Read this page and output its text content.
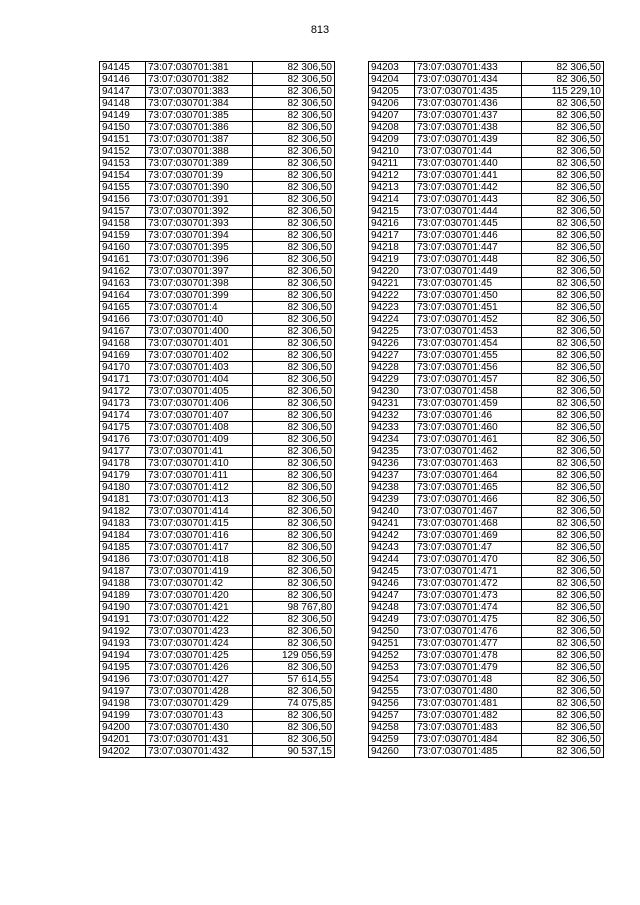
813
94145	73:07:030701:381	82 306,50
94146	73:07:030701:382	82 306,50
94147	73:07:030701:383	82 306,50
94148	73:07:030701:384	82 306,50
94149	73:07:030701:385	82 306,50
94150	73:07:030701:386	82 306,50
94151	73:07:030701:387	82 306,50
94152	73:07:030701:388	82 306,50
94153	73:07:030701:389	82 306,50
94154	73:07:030701:39	82 306,50
94155	73:07:030701:390	82 306,50
94156	73:07:030701:391	82 306,50
94157	73:07:030701:392	82 306,50
94158	73:07:030701:393	82 306,50
94159	73:07:030701:394	82 306,50
94160	73:07:030701:395	82 306,50
94161	73:07:030701:396	82 306,50
94162	73:07:030701:397	82 306,50
94163	73:07:030701:398	82 306,50
94164	73:07:030701:399	82 306,50
94165	73:07:030701:4	82 306,50
94166	73:07:030701:40	82 306,50
94167	73:07:030701:400	82 306,50
94168	73:07:030701:401	82 306,50
94169	73:07:030701:402	82 306,50
94170	73:07:030701:403	82 306,50
94171	73:07:030701:404	82 306,50
94172	73:07:030701:405	82 306,50
94173	73:07:030701:406	82 306,50
94174	73:07:030701:407	82 306,50
94175	73:07:030701:408	82 306,50
94176	73:07:030701:409	82 306,50
94177	73:07:030701:41	82 306,50
94178	73:07:030701:410	82 306,50
94179	73:07:030701:411	82 306,50
94180	73:07:030701:412	82 306,50
94181	73:07:030701:413	82 306,50
94182	73:07:030701:414	82 306,50
94183	73:07:030701:415	82 306,50
94184	73:07:030701:416	82 306,50
94185	73:07:030701:417	82 306,50
94186	73:07:030701:418	82 306,50
94187	73:07:030701:419	82 306,50
94188	73:07:030701:42	82 306,50
94189	73:07:030701:420	82 306,50
94190	73:07:030701:421	98 767,80
94191	73:07:030701:422	82 306,50
94192	73:07:030701:423	82 306,50
94193	73:07:030701:424	82 306,50
94194	73:07:030701:425	129 056,59
94195	73:07:030701:426	82 306,50
94196	73:07:030701:427	57 614,55
94197	73:07:030701:428	82 306,50
94198	73:07:030701:429	74 075,85
94199	73:07:030701:43	82 306,50
94200	73:07:030701:430	82 306,50
94201	73:07:030701:431	82 306,50
94202	73:07:030701:432	90 537,15
94203	73:07:030701:433	82 306,50
94204	73:07:030701:434	82 306,50
94205	73:07:030701:435	115 229,10
94206	73:07:030701:436	82 306,50
94207	73:07:030701:437	82 306,50
94208	73:07:030701:438	82 306,50
94209	73:07:030701:439	82 306,50
94210	73:07:030701:44	82 306,50
94211	73:07:030701:440	82 306,50
94212	73:07:030701:441	82 306,50
94213	73:07:030701:442	82 306,50
94214	73:07:030701:443	82 306,50
94215	73:07:030701:444	82 306,50
94216	73:07:030701:445	82 306,50
94217	73:07:030701:446	82 306,50
94218	73:07:030701:447	82 306,50
94219	73:07:030701:448	82 306,50
94220	73:07:030701:449	82 306,50
94221	73:07:030701:45	82 306,50
94222	73:07:030701:450	82 306,50
94223	73:07:030701:451	82 306,50
94224	73:07:030701:452	82 306,50
94225	73:07:030701:453	82 306,50
94226	73:07:030701:454	82 306,50
94227	73:07:030701:455	82 306,50
94228	73:07:030701:456	82 306,50
94229	73:07:030701:457	82 306,50
94230	73:07:030701:458	82 306,50
94231	73:07:030701:459	82 306,50
94232	73:07:030701:46	82 306,50
94233	73:07:030701:460	82 306,50
94234	73:07:030701:461	82 306,50
94235	73:07:030701:462	82 306,50
94236	73:07:030701:463	82 306,50
94237	73:07:030701:464	82 306,50
94238	73:07:030701:465	82 306,50
94239	73:07:030701:466	82 306,50
94240	73:07:030701:467	82 306,50
94241	73:07:030701:468	82 306,50
94242	73:07:030701:469	82 306,50
94243	73:07:030701:47	82 306,50
94244	73:07:030701:470	82 306,50
94245	73:07:030701:471	82 306,50
94246	73:07:030701:472	82 306,50
94247	73:07:030701:473	82 306,50
94248	73:07:030701:474	82 306,50
94249	73:07:030701:475	82 306,50
94250	73:07:030701:476	82 306,50
94251	73:07:030701:477	82 306,50
94252	73:07:030701:478	82 306,50
94253	73:07:030701:479	82 306,50
94254	73:07:030701:48	82 306,50
94255	73:07:030701:480	82 306,50
94256	73:07:030701:481	82 306,50
94257	73:07:030701:482	82 306,50
94258	73:07:030701:483	82 306,50
94259	73:07:030701:484	82 306,50
94260	73:07:030701:485	82 306,50
